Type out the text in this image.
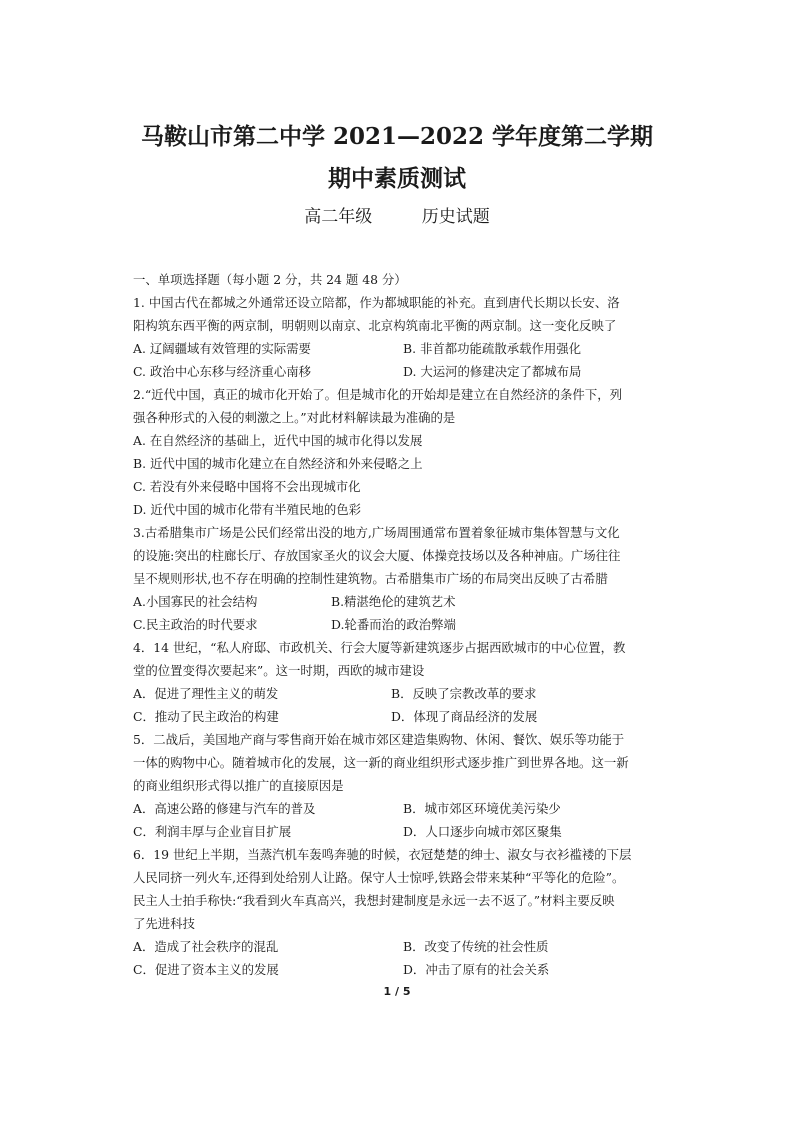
马鞍山市第二中学 2021—2022 学年度第二学期
期中素质测试
高二年级	历史试题
一、单项选择题（每小题 2 分，共 24 题 48 分）
1. 中国古代在都城之外通常还设立陪都，作为都城职能的补充。直到唐代长期以长安、洛
阳构筑东西平衡的两京制，明朝则以南京、北京构筑南北平衡的两京制。这一变化反映了
A. 辽阔疆域有效管理的实际需要	B. 非首都功能疏散承载作用强化
C. 政治中心东移与经济重心南移	D. 大运河的修建决定了都城布局
2.“近代中国，真正的城市化开始了。但是城市化的开始却是建立在自然经济的条件下，列
强各种形式的入侵的刺激之上。”对此材料解读最为准确的是
A. 在自然经济的基础上，近代中国的城市化得以发展
B. 近代中国的城市化建立在自然经济和外来侵略之上
C. 若没有外来侵略中国将不会出现城市化
D. 近代中国的城市化带有半殖民地的色彩
3.古希腊集市广场是公民们经常出没的地方,广场周围通常布置着象征城市集体智慧与文化
的设施:突出的柱廊长厅、存放国家圣火的议会大厦、体操竞技场以及各种神庙。广场往往
呈不规则形状,也不存在明确的控制性建筑物。古希腊集市广场的布局突出反映了古希腊
A.小国寡民的社会结构	B.精湛绝伦的建筑艺术
C.民主政治的时代要求	D.轮番而治的政治弊端
4．14 世纪，“私人府邸、市政机关、行会大厦等新建筑逐步占据西欧城市的中心位置，教
堂的位置变得次要起来”。这一时期，西欧的城市建设
A．促进了理性主义的萌发	B．反映了宗教改革的要求
C．推动了民主政治的构建	D．体现了商品经济的发展
5．二战后，美国地产商与零售商开始在城市郊区建造集购物、休闲、餐饮、娱乐等功能于
一体的购物中心。随着城市化的发展，这一新的商业组织形式逐步推广到世界各地。这一新
的商业组织形式得以推广的直接原因是
A．高速公路的修建与汽车的普及	B．城市郊区环境优美污染少
C．利润丰厚与企业盲目扩展	D．人口逐步向城市郊区聚集
6．19 世纪上半期，当蒸汽机车轰鸣奔驰的时候，衣冠楚楚的绅士、淑女与衣衫褴褛的下层
人民同挤一列火车,还得到处给别人让路。保守人士惊呼,铁路会带来某种“平等化的危险”。
民主人士拍手称快:“我看到火车真高兴，我想封建制度是永远一去不返了。”材料主要反映
了先进科技
A．造成了社会秩序的混乱	B．改变了传统的社会性质
C．促进了资本主义的发展	D．冲击了原有的社会关系
1 / 5
